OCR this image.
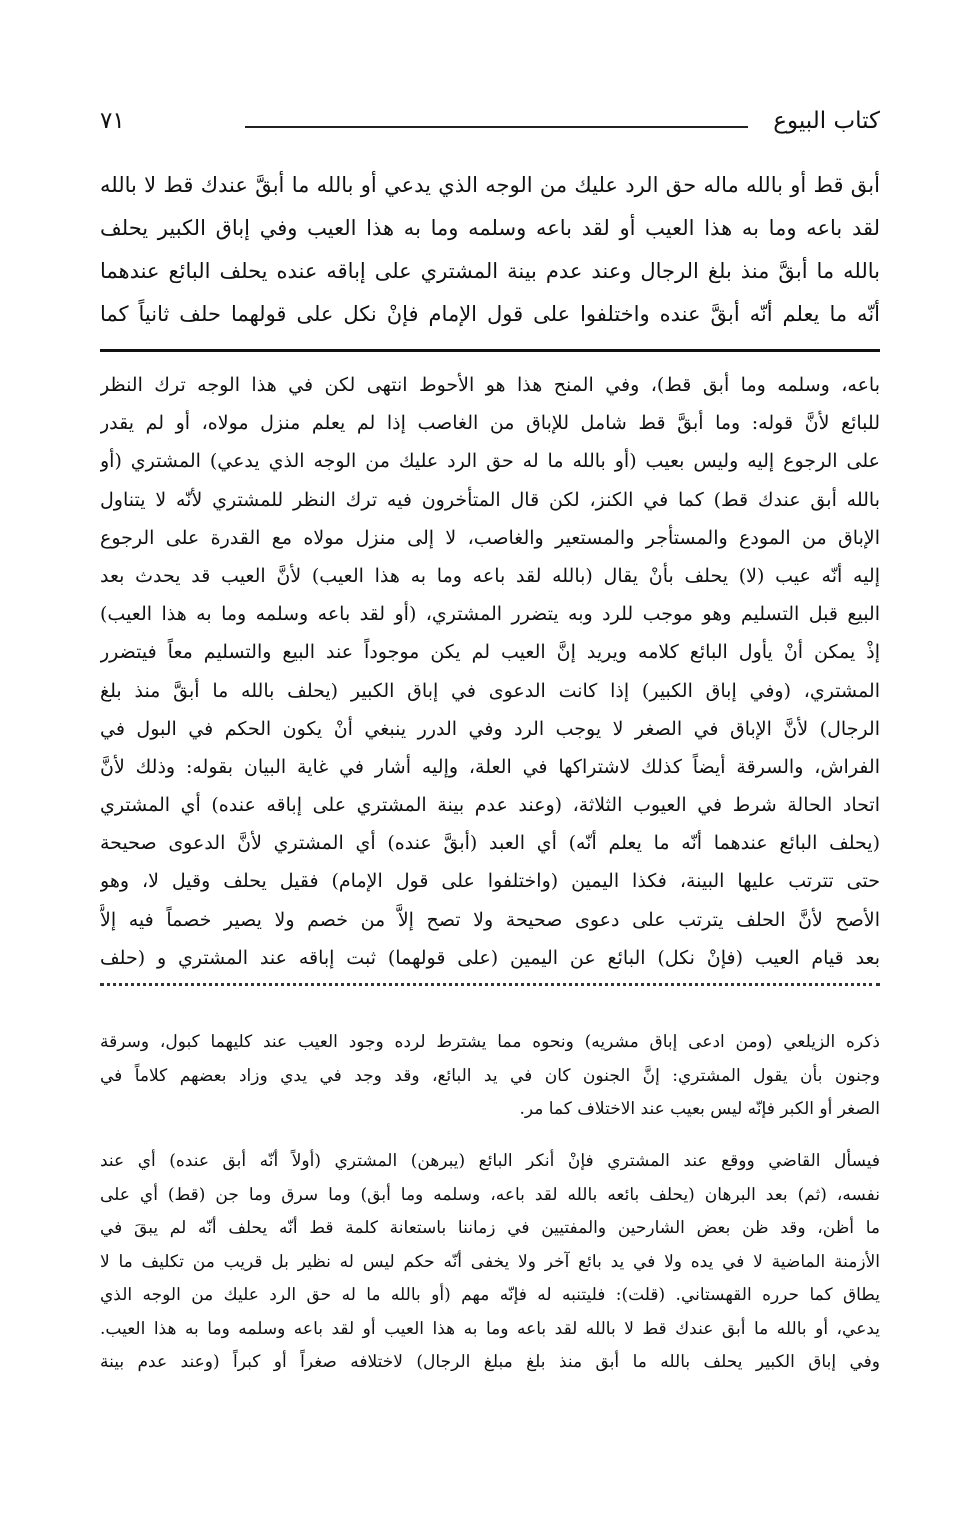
كتاب البيوع
٧١
أبق قط أو بالله ماله حق الرد عليك من الوجه الذي يدعي أو بالله ما أبقَّ عندك قط لا بالله
لقد باعه وما به هذا العيب أو لقد باعه وسلمه وما به هذا العيب وفي إباق الكبير يحلف
بالله ما أبقَّ منذ بلغ الرجال وعند عدم بينة المشتري على إباقه عنده يحلف البائع عندهما
أنّه ما يعلم أنّه أبقَّ عنده واختلفوا على قول الإمام فإنْ نكل على قولهما حلف ثانياً كما
باعه، وسلمه وما أبق قط)، وفي المنح هذا هو الأحوط انتهى لكن في هذا الوجه ترك النظر
للبائع لأنَّ قوله: وما أبقَّ قط شامل للإباق من الغاصب إذا لم يعلم منزل مولاه، أو لم يقدر
على الرجوع إليه وليس بعيب (أو بالله ما له حق الرد عليك من الوجه الذي يدعي) المشتري (أو
بالله أبق عندك قط) كما في الكنز، لكن قال المتأخرون فيه ترك النظر للمشتري لأنّه لا يتناول
الإباق من المودع والمستأجر والمستعير والغاصب، لا إلى منزل مولاه مع القدرة على الرجوع
إليه أنّه عيب (لا) يحلف بأنْ يقال (بالله لقد باعه وما به هذا العيب) لأنَّ العيب قد يحدث بعد
البيع قبل التسليم وهو موجب للرد وبه يتضرر المشتري، (أو لقد باعه وسلمه وما به هذا العيب)
إذْ يمكن أنْ يأول البائع كلامه ويريد إنَّ العيب لم يكن موجوداً عند البيع والتسليم معاً فيتضرر
المشتري، (وفي إباق الكبير) إذا كانت الدعوى في إباق الكبير (يحلف بالله ما أبقَّ منذ بلغ
الرجال) لأنَّ الإباق في الصغر لا يوجب الرد وفي الدرر ينبغي أنْ يكون الحكم في البول في
الفراش، والسرقة أيضاً كذلك لاشتراكها في العلة، وإليه أشار في غاية البيان بقوله: وذلك لأنَّ
اتحاد الحالة شرط في العيوب الثلاثة، (وعند عدم بينة المشتري على إباقه عنده) أي المشتري
(يحلف البائع عندهما أنّه ما يعلم أنّه) أي العبد (أبقَّ عنده) أي المشتري لأنَّ الدعوى صحيحة
حتى تترتب عليها البينة، فكذا اليمين (واختلفوا على قول الإمام) فقيل يحلف وقيل لا، وهو
الأصح لأنَّ الحلف يترتب على دعوى صحيحة ولا تصح إلاَّ من خصم ولا يصير خصماً فيه إلاَّ
بعد قيام العيب (فإنْ نكل) البائع عن اليمين (على قولهما) ثبت إباقه عند المشتري و (حلف
ذكره الزيلعي (ومن ادعى إباق مشريه) ونحوه مما يشترط لرده وجود العيب عند كليهما كبول، وسرقة
وجنون بأن يقول المشتري: إنَّ الجنون كان في يد البائع، وقد وجد في يدي وزاد بعضهم كلاماً في
الصغر أو الكبر فإنّه ليس بعيب عند الاختلاف كما مر.
فيسأل القاضي ووقع عند المشتري فإنْ أنكر البائع (يبرهن) المشتري (أولاً أنّه أبق عنده) أي عند
نفسه، (ثم) بعد البرهان (يحلف بائعه بالله لقد باعه، وسلمه وما أبق) وما سرق وما جن (قط) أي على
ما أظن، وقد ظن بعض الشارحين والمفتيين في زماننا باستعانة كلمة قط أنّه يحلف أنّه لم يبقَ في
الأزمنة الماضية لا في يده ولا في يد بائع آخر ولا يخفى أنّه حكم ليس له نظير بل قريب من تكليف ما لا
يطاق كما حرره القهستاني. (قلت): فليتنبه له فإنّه مهم (أو بالله ما له حق الرد عليك من الوجه الذي
يدعي، أو بالله ما أبق عندك قط لا بالله لقد باعه وما به هذا العيب أو لقد باعه وسلمه وما به هذا العيب.
وفي إباق الكبير يحلف بالله ما أبق منذ بلغ مبلغ الرجال) لاختلافه صغراً أو كبراً (وعند عدم بينة
